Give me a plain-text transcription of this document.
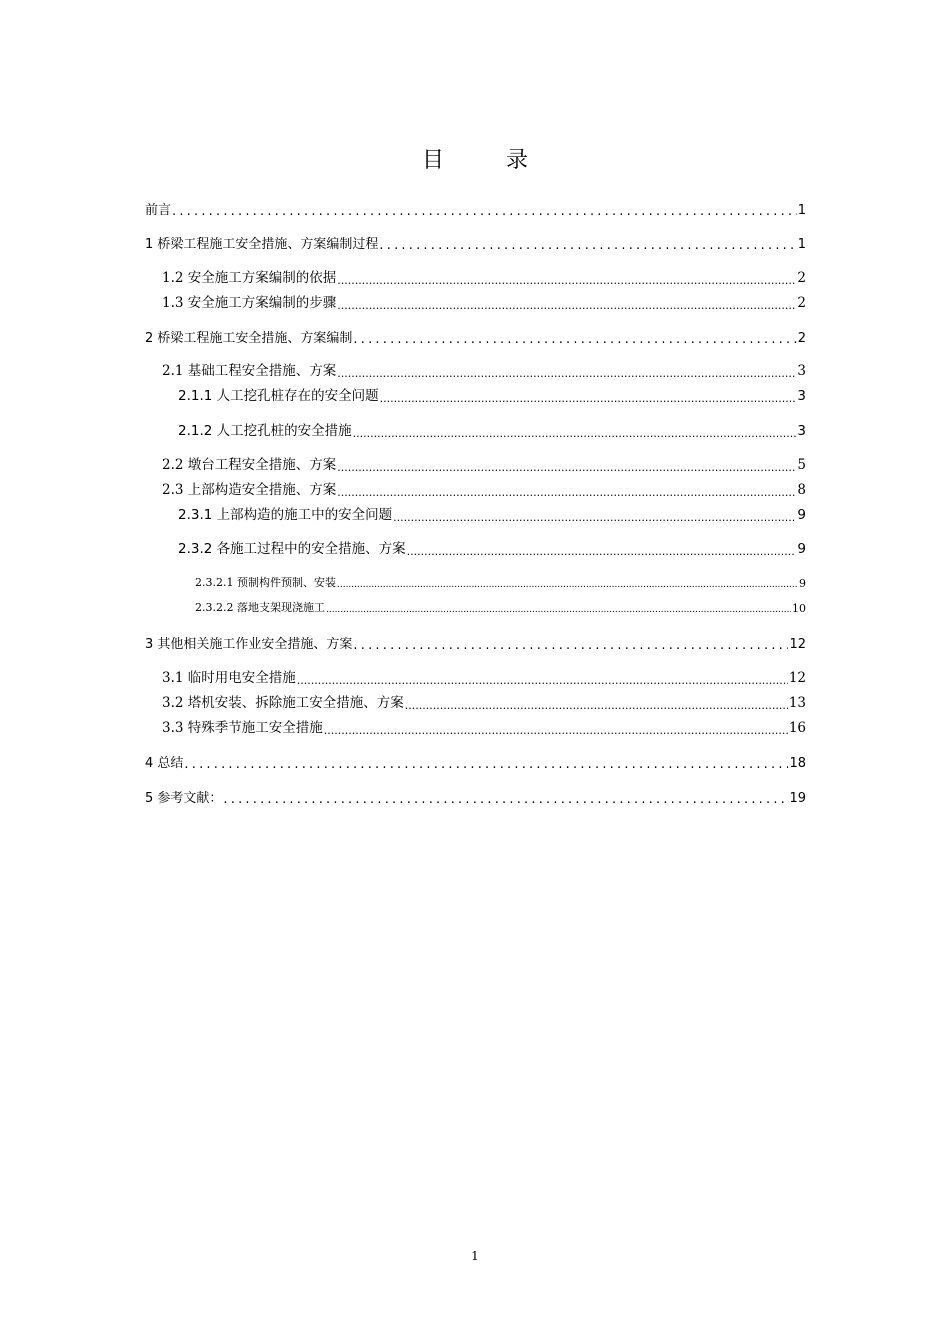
目　录
前言 .....	1
1 桥梁工程施工安全措施、方案编制过程 .....	1
1.2 安全施工方案编制的依据 .....	2
1.3 安全施工方案编制的步骤 .....	2
2 桥梁工程施工安全措施、方案编制 .....	2
2.1 基础工程安全措施、方案 .....	3
2.1.1 人工挖孔桩存在的安全问题 .....	3
2.1.2 人工挖孔桩的安全措施 .....	3
2.2 墩台工程安全措施、方案 .....	5
2.3 上部构造安全措施、方案 .....	8
2.3.1 上部构造的施工中的安全问题 .....	9
2.3.2 各施工过程中的安全措施、方案 .....	9
2.3.2.1 预制构件预制、安装 .....	9
2.3.2.2 落地支架现浇施工 .....	10
3 其他相关施工作业安全措施、方案 .....	12
3.1 临时用电安全措施 .....	12
3.2 塔机安装、拆除施工安全措施、方案 .....	13
3.3 特殊季节施工安全措施 .....	16
4 总结 .....	18
5 参考文献： .....	19
1
